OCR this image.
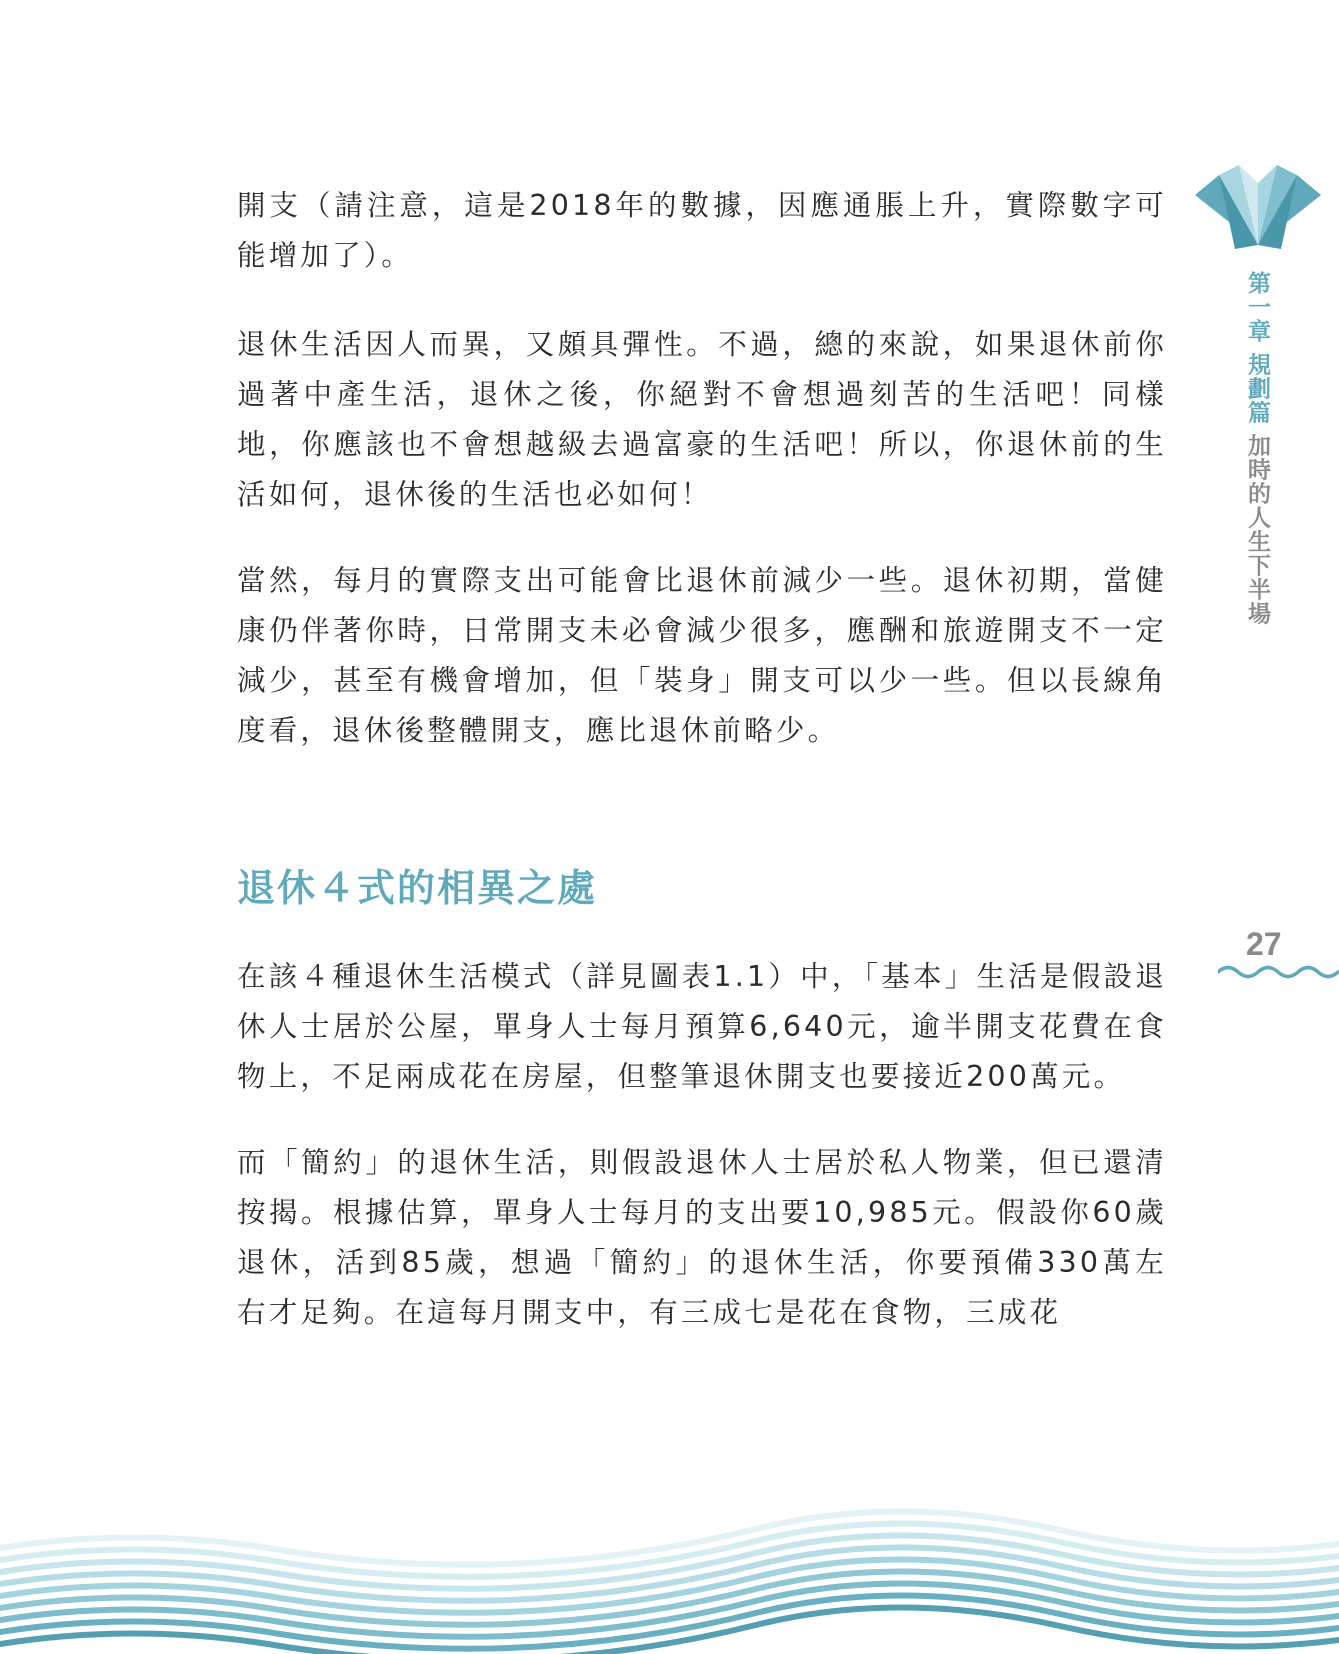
開支（請注意，這是2018年的數據，因應通脹上升，實際數字可能增加了）。

退休生活因人而異，又頗具彈性。不過，總的來說，如果退休前你過著中產生活，退休之後，你絕對不會想過刻苦的生活吧！同樣地，你應該也不會想越級去過富豪的生活吧！所以，你退休前的生活如何，退休後的生活也必如何！

當然，每月的實際支出可能會比退休前減少一些。退休初期，當健康仍伴著你時，日常開支未必會減少很多，應酬和旅遊開支不一定減少，甚至有機會增加，但「裝身」開支可以少一些。但以長線角度看，退休後整體開支，應比退休前略少。

退休４式的相異之處

在該４種退休生活模式（詳見圖表1.1）中，「基本」生活是假設退休人士居於公屋，單身人士每月預算6,640元，逾半開支花費在食物上，不足兩成花在房屋，但整筆退休開支也要接近200萬元。

而「簡約」的退休生活，則假設退休人士居於私人物業，但已還清按揭。根據估算，單身人士每月的支出要10,985元。假設你60歲退休，活到85歲，想過「簡約」的退休生活，你要預備330萬左右才足夠。在這每月開支中，有三成七是花在食物，三成花

第一章 規劃篇 加時的人生下半場

27
